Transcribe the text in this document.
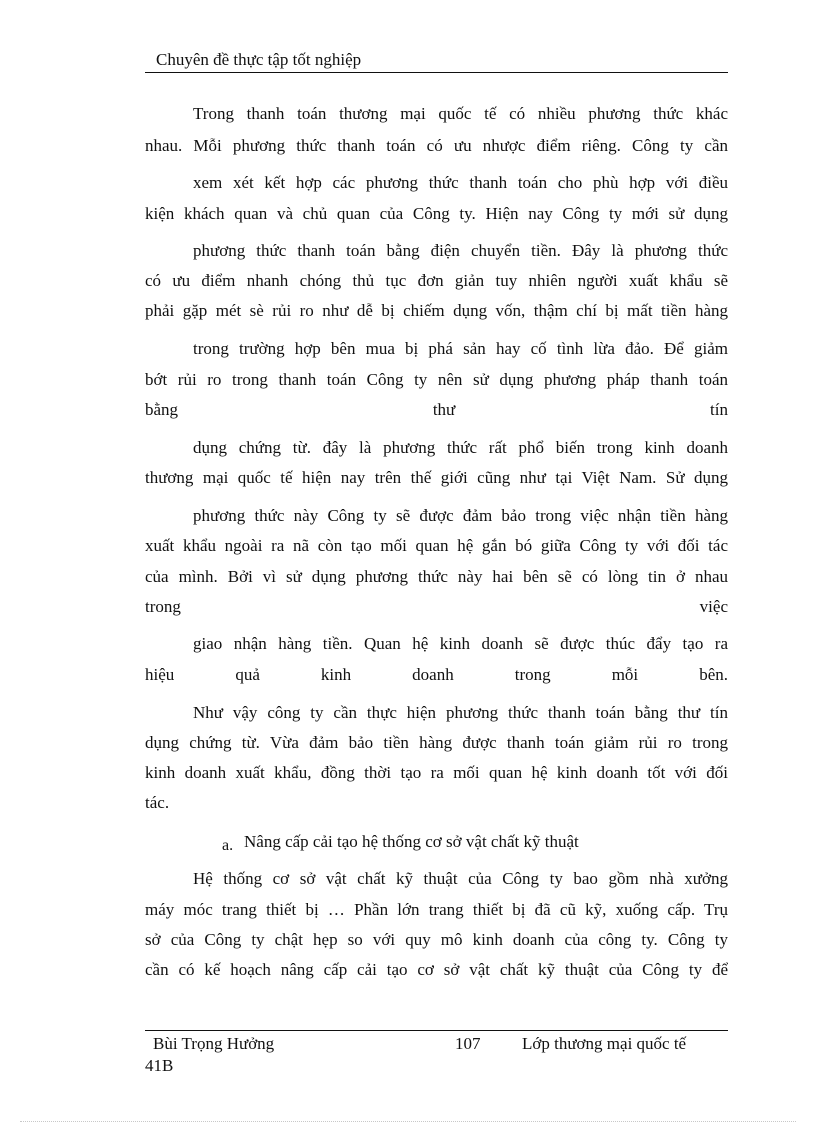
Chuyên đề thực tập tốt nghiệp
Trong thanh toán thương mại quốc tế có nhiều phương thức khác
nhau. Mỗi phương thức thanh toán có ưu nhược điểm riêng. Công ty cần
xem xét kết hợp các phương thức thanh toán cho phù hợp với điều
kiện khách quan và chủ quan của Công ty. Hiện nay Công ty mới sử dụng
phương thức thanh toán bằng điện chuyển tiền. Đây là phương thức
có ưu điểm nhanh chóng thủ tục đơn giản tuy nhiên người xuất khẩu sẽ
phải gặp mét sè rủi ro như dễ bị chiếm dụng vốn, thậm chí bị mất tiền hàng
trong trường hợp bên mua bị phá sản hay cố tình lừa đảo. Để giảm
bớt rủi ro trong thanh toán Công ty nên sử dụng phương pháp thanh toán
bằng thư tín
dụng chứng từ. đây là phương thức rất phổ biến trong kinh doanh
thương mại quốc tế hiện nay trên thế giới cũng như tại Việt Nam. Sử dụng
phương thức này Công ty sẽ được đảm bảo trong việc nhận tiền hàng
xuất khẩu ngoài ra nã còn tạo mối quan hệ gắn bó giữa Công ty với đối tác
của mình. Bởi vì sử dụng phương thức này hai bên sẽ có lòng tin ở nhau
trong việc
giao nhận hàng tiền. Quan hệ kinh doanh sẽ được thúc đẩy tạo ra
hiệu quả kinh doanh trong mỗi bên.
Như vậy công ty cần thực hiện phương thức thanh toán bằng thư tín
dụng chứng từ. Vừa đảm bảo tiền hàng được thanh toán giảm rủi ro trong
kinh doanh xuất khẩu, đồng thời tạo ra mối quan hệ kinh doanh tốt với đối
tác.
a. Nâng cấp cải tạo hệ thống cơ sở vật chất kỹ thuật
Hệ thống cơ sở vật chất kỹ thuật của Công ty bao gồm nhà xưởng
máy móc trang thiết bị … Phần lớn trang thiết bị đã cũ kỹ, xuống cấp. Trụ
sở của Công ty chật hẹp so với quy mô kinh doanh của công ty. Công ty
cần có kế hoạch nâng cấp cải tạo cơ sở vật chất kỹ thuật của Công ty để
Bùi Trọng Hưởng	107 Lớp thương mại quốc tế
41B
